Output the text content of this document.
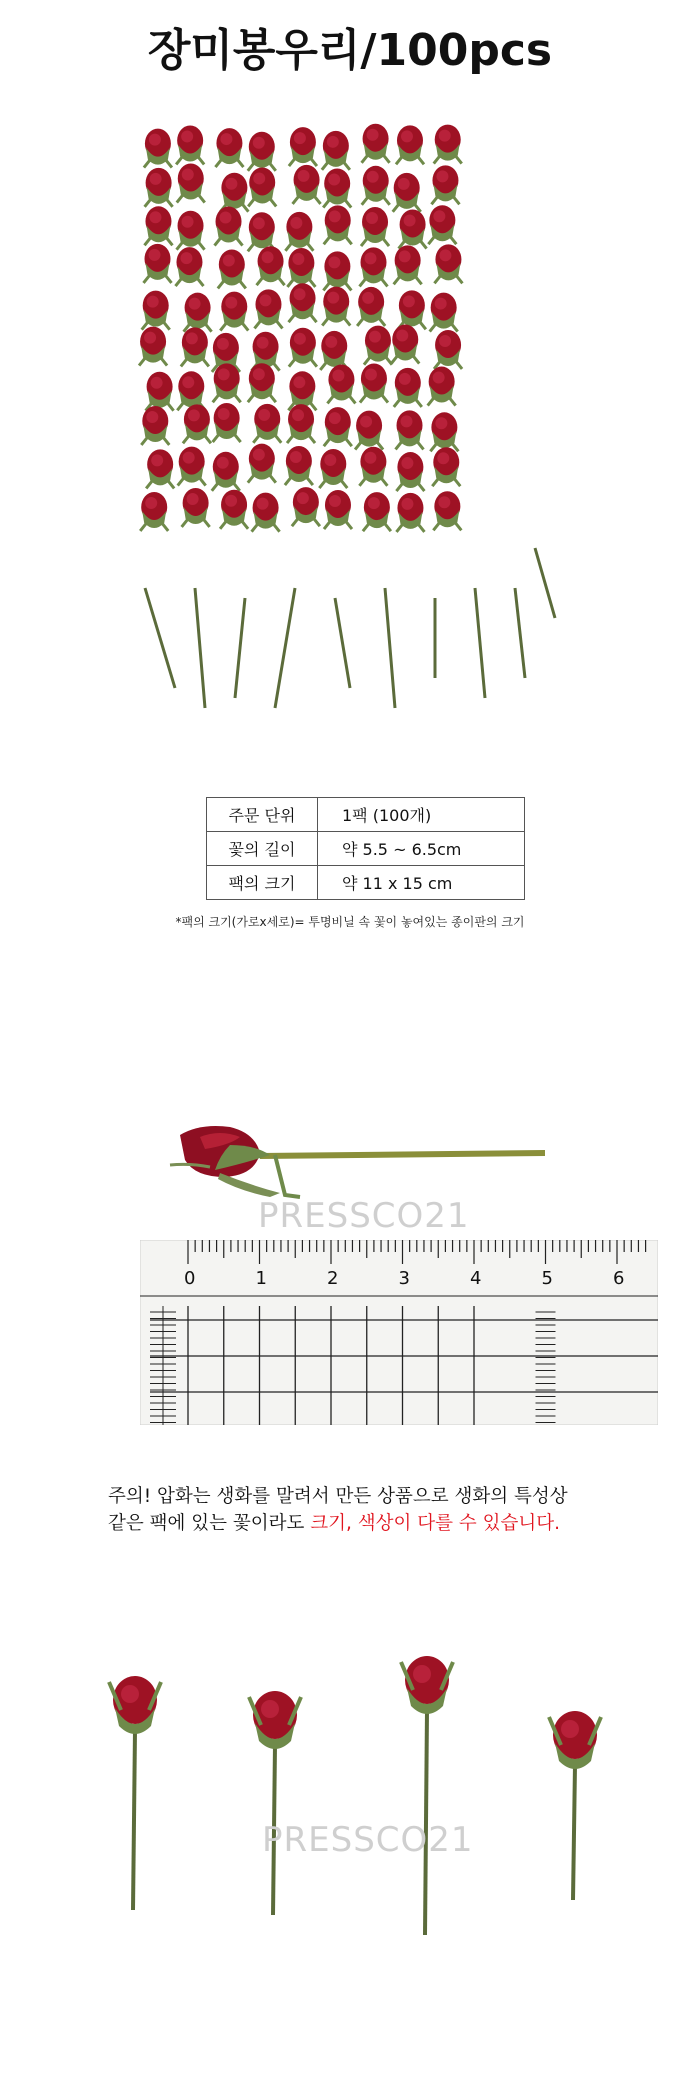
장미봉우리/100pcs
주문 단위	1팩 (100개)
꽃의 길이	약 5.5 ~ 6.5cm
팩의 크기	약 11 x 15 cm
*팩의 크기(가로x세로)= 투명비닐 속 꽃이 놓여있는 종이판의 크기
PRESSCO21
0	1	2	3	4	5	6
주의! 압화는 생화를 말려서 만든 상품으로 생화의 특성상
같은 팩에 있는 꽃이라도 크기, 색상이 다를 수 있습니다.
PRESSCO21
